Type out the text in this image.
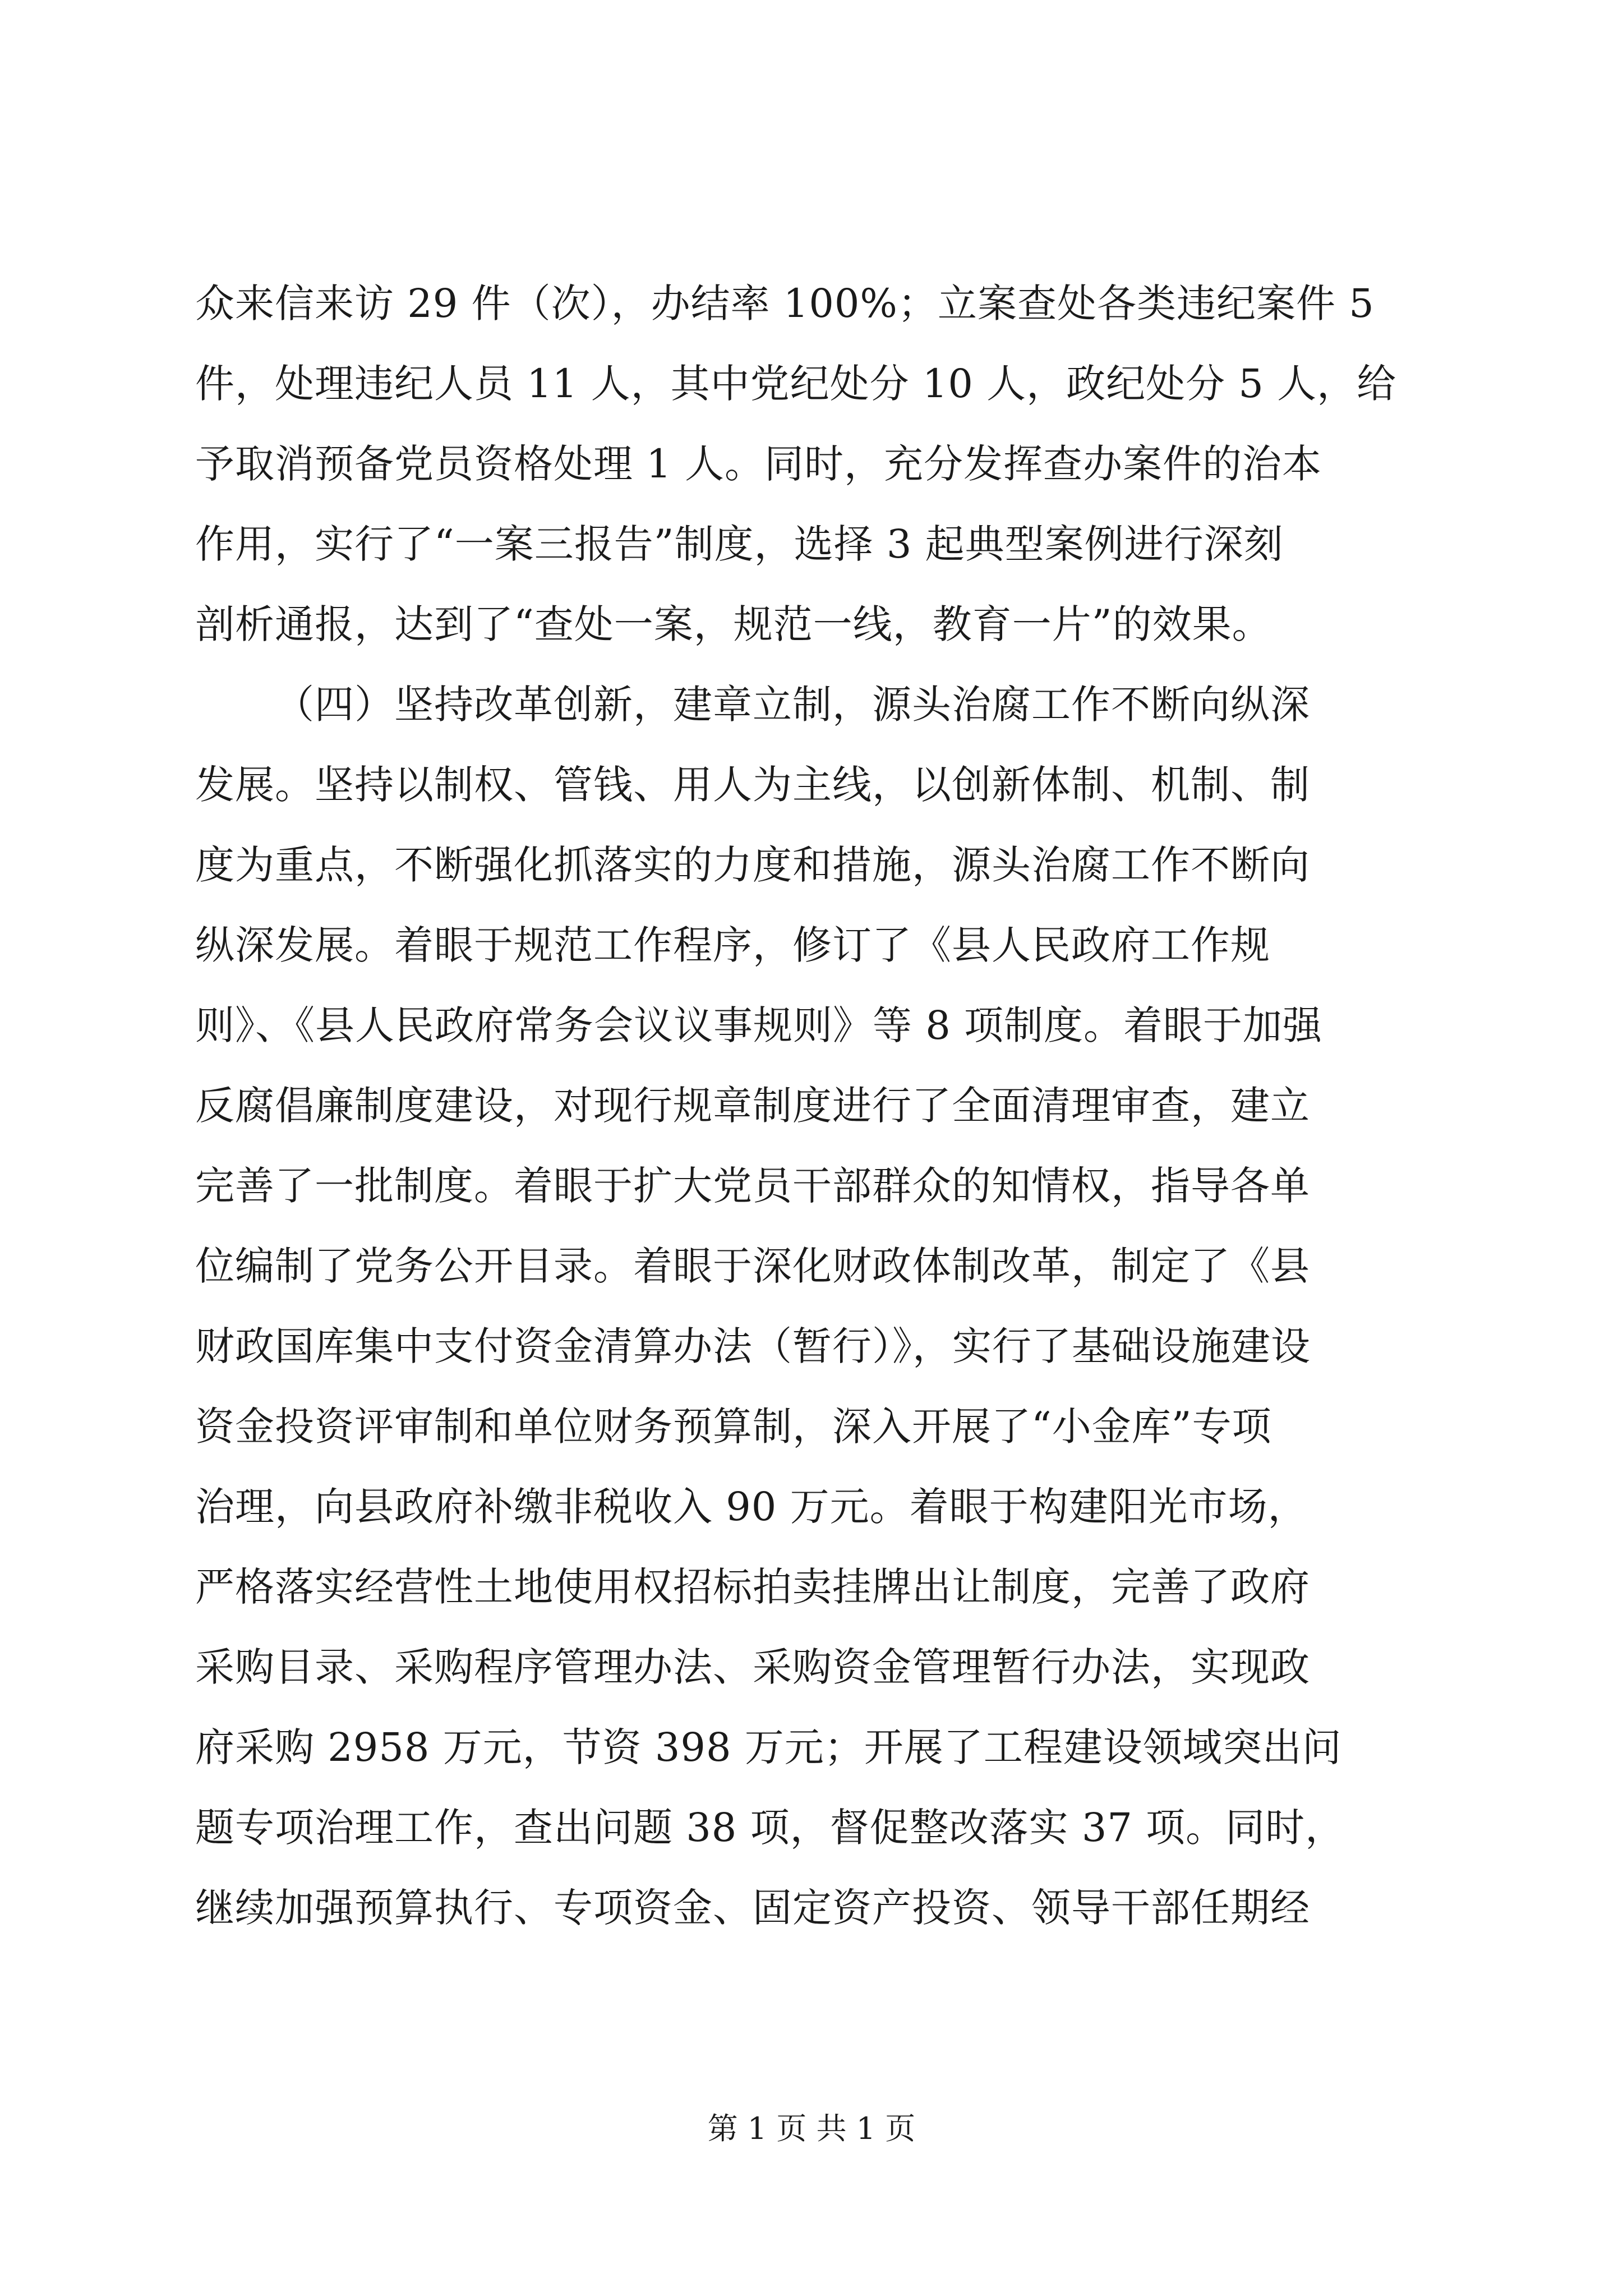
众来信来访 29 件（次），办结率 100%；立案查处各类违纪案件 5
件，处理违纪人员 11 人，其中党纪处分 10 人，政纪处分 5 人，给
予取消预备党员资格处理 1 人。同时，充分发挥查办案件的治本
作用，实行了“一案三报告”制度，选择 3 起典型案例进行深刻
剖析通报，达到了“查处一案，规范一线，教育一片”的效果。
（四）坚持改革创新，建章立制，源头治腐工作不断向纵深
发展。坚持以制权、管钱、用人为主线，以创新体制、机制、制
度为重点，不断强化抓落实的力度和措施，源头治腐工作不断向
纵深发展。着眼于规范工作程序，修订了《县人民政府工作规
则》、《县人民政府常务会议议事规则》等 8 项制度。着眼于加强
反腐倡廉制度建设，对现行规章制度进行了全面清理审查，建立
完善了一批制度。着眼于扩大党员干部群众的知情权，指导各单
位编制了党务公开目录。着眼于深化财政体制改革，制定了《县
财政国库集中支付资金清算办法（暂行）》，实行了基础设施建设
资金投资评审制和单位财务预算制，深入开展了“小金库”专项
治理，向县政府补缴非税收入 90 万元。着眼于构建阳光市场，
严格落实经营性土地使用权招标拍卖挂牌出让制度，完善了政府
采购目录、采购程序管理办法、采购资金管理暂行办法，实现政
府采购 2958 万元，节资 398 万元；开展了工程建设领域突出问
题专项治理工作，查出问题 38 项，督促整改落实 37 项。同时，
继续加强预算执行、专项资金、固定资产投资、领导干部任期经
第 1 页 共 1 页
